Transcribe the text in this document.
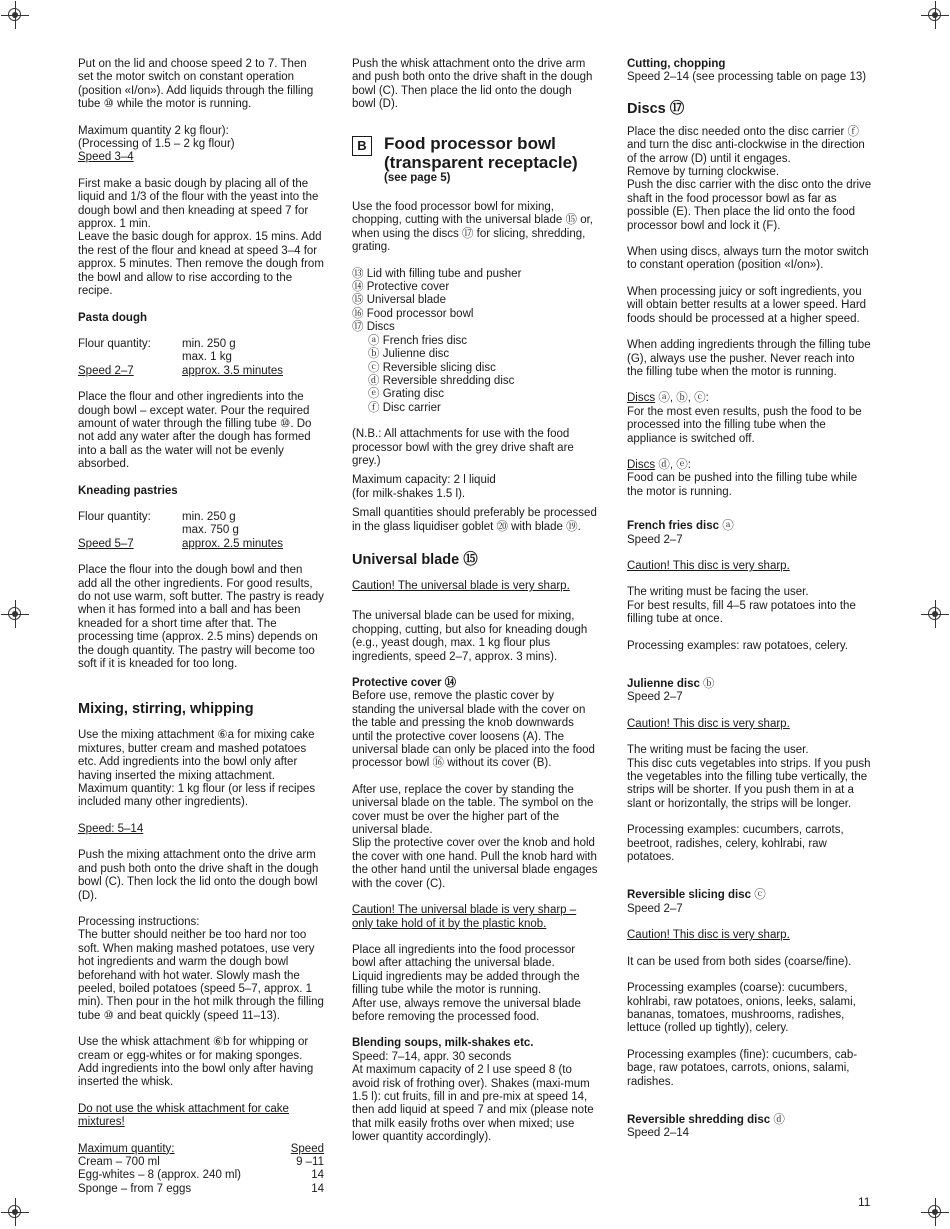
Put on the lid and choose speed 2 to 7. Then set the motor switch on constant operation (position «I/on»). Add liquids through the filling tube ⑩ while the motor is running.

Maximum quantity 2 kg flour):
(Processing of 1.5 – 2 kg flour)
Speed 3–4

First make a basic dough by placing all of the liquid and 1/3 of the flour with the yeast into the dough bowl and then kneading at speed 7 for approx. 1 min.
Leave the basic dough for approx. 15 mins. Add the rest of the flour and knead at speed 3–4 for approx. 5 minutes. Then remove the dough from the bowl and allow to rise according to the recipe.

Pasta dough
Flour quantity:	min. 250 g
max. 1 kg
Speed 2–7	approx. 3.5 minutes

Place the flour and other ingredients into the dough bowl – except water. Pour the required amount of water through the filling tube ⑩. Do not add any water after the dough has formed into a ball as the water will not be evenly absorbed.

Kneading pastries
Flour quantity:	min. 250 g
max. 750 g
Speed 5–7	approx. 2.5 minutes

Place the flour into the dough bowl and then add all the other ingredients. For good results, do not use warm, soft butter. The pastry is ready when it has formed into a ball and has been kneaded for a short time after that. The processing time (approx. 2.5 mins) depends on the dough quantity. The pastry will become too soft if it is kneaded for too long.

Mixing, stirring, whipping

Use the mixing attachment ⑥a for mixing cake mixtures, butter cream and mashed potatoes etc. Add ingredients into the bowl only after having inserted the mixing attachment. Maximum quantity: 1 kg flour (or less if recipes included many other ingredients).

Speed: 5–14

Push the mixing attachment onto the drive arm and push both onto the drive shaft in the dough bowl (C). Then lock the lid onto the dough bowl (D).

Processing instructions:
The butter should neither be too hard nor too soft. When making mashed potatoes, use very hot ingredients and warm the dough bowl beforehand with hot water. Slowly mash the peeled, boiled potatoes (speed 5–7, approx. 1 min). Then pour in the hot milk through the filling tube ⑩ and beat quickly (speed 11–13).

Use the whisk attachment ⑥b for whipping or cream or egg-whites or for making sponges. Add ingredients into the bowl only after having inserted the whisk.

Do not use the whisk attachment for cake mixtures!

Maximum quantity:	Speed
Cream – 700 ml	9 –11
Egg-whites – 8 (approx. 240 ml)	14
Sponge – from 7 eggs	14

Push the whisk attachment onto the drive arm and push both onto the drive shaft in the dough bowl (C). Then place the lid onto the dough bowl (D).

B	Food processor bowl
(transparent receptacle)
(see page 5)

Use the food processor bowl for mixing, chopping, cutting with the universal blade ⑮ or, when using the discs ⑰ for slicing, shredding, grating.

⑬ Lid with filling tube and pusher
⑭ Protective cover
⑮ Universal blade
⑯ Food processor bowl
⑰ Discs
ⓐ French fries disc
ⓑ Julienne disc
ⓒ Reversible slicing disc
ⓓ Reversible shredding disc
ⓔ Grating disc
ⓕ Disc carrier

(N.B.: All attachments for use with the food processor bowl with the grey drive shaft are grey.)

Maximum capacity: 2 l liquid
(for milk-shakes 1.5 l).

Small quantities should preferably be processed in the glass liquidiser goblet ⑳ with blade ⑲.

Universal blade ⑮

Caution! The universal blade is very sharp.

The universal blade can be used for mixing, chopping, cutting, but also for kneading dough (e.g., yeast dough, max. 1 kg flour plus ingredients, speed 2–7, approx. 3 mins).

Protective cover ⑭

Before use, remove the plastic cover by standing the universal blade with the cover on the table and pressing the knob downwards until the protective cover loosens (A). The universal blade can only be placed into the food processor bowl ⑯ without its cover (B).

After use, replace the cover by standing the universal blade on the table. The symbol on the cover must be over the higher part of the universal blade.
Slip the protective cover over the knob and hold the cover with one hand. Pull the knob hard with the other hand until the universal blade engages with the cover (C).

Caution! The universal blade is very sharp – only take hold of it by the plastic knob.

Place all ingredients into the food processor bowl after attaching the universal blade.
Liquid ingredients may be added through the filling tube while the motor is running.
After use, always remove the universal blade before removing the processed food.

Blending soups, milk-shakes etc.
Speed: 7–14, appr. 30 seconds

At maximum capacity of 2 l use speed 8 (to avoid risk of frothing over). Shakes (maxi-mum 1.5 l): cut fruits, fill in and pre-mix at speed 14, then add liquid at speed 7 and mix (please note that milk easily froths over when mixed; use lower quantity accordingly).

Cutting, chopping
Speed 2–14 (see processing table on page 13)
Discs ⑰

Place the disc needed onto the disc carrier ⓕ and turn the disc anti-clockwise in the direction of the arrow (D) until it engages.
Remove by turning clockwise.
Push the disc carrier with the disc onto the drive shaft in the food processor bowl as far as possible (E). Then place the lid onto the food processor bowl and lock it (F).

When using discs, always turn the motor switch to constant operation (position «I/on»).

When processing juicy or soft ingredients, you will obtain better results at a lower speed. Hard foods should be processed at a higher speed.

When adding ingredients through the filling tube (G), always use the pusher. Never reach into the filling tube when the motor is running.

Discs ⓐ, ⓑ, ⓒ:

For the most even results, push the food to be processed into the filling tube when the appliance is switched off.

Discs ⓓ, ⓔ:

Food can be pushed into the filling tube while the motor is running.

French fries disc ⓐ
Speed 2–7

Caution! This disc is very sharp.

The writing must be facing the user.
For best results, fill 4–5 raw potatoes into the filling tube at once.

Processing examples: raw potatoes, celery.

Julienne disc ⓑ
Speed 2–7

Caution! This disc is very sharp.

The writing must be facing the user.
This disc cuts vegetables into strips. If you push the vegetables into the filling tube vertically, the strips will be shorter. If you push them in at a slant or horizontally, the strips will be longer.

Processing examples: cucumbers, carrots, beetroot, radishes, celery, kohlrabi, raw potatoes.

Reversible slicing disc ⓒ
Speed 2–7

Caution! This disc is very sharp.

It can be used from both sides (coarse/fine).

Processing examples (coarse): cucumbers, kohlrabi, raw potatoes, onions, leeks, salami, bananas, tomatoes, mushrooms, radishes, lettuce (rolled up tightly), celery.

Processing examples (fine): cucumbers, cab-bage, raw potatoes, carrots, onions, salami, radishes.

Reversible shredding disc ⓓ
Speed 2–14
11
